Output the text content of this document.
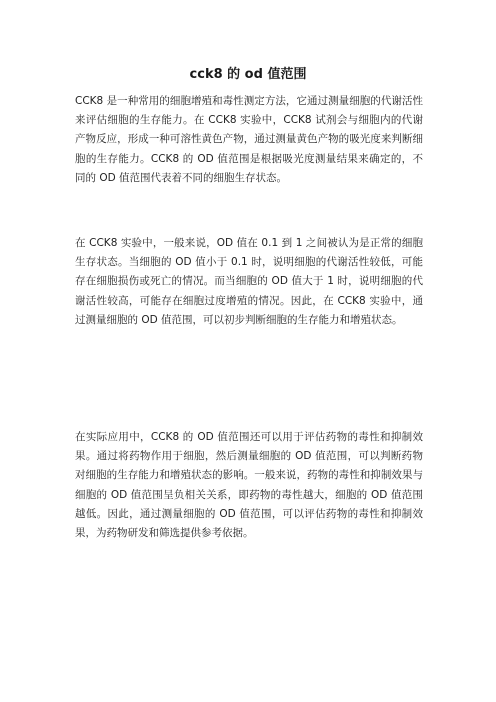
cck8 的 od 值范围

CCK8 是一种常用的细胞增殖和毒性测定方法，它通过测量细胞的代谢活性来评估细胞的生存能力。在 CCK8 实验中，CCK8 试剂会与细胞内的代谢产物反应，形成一种可溶性黄色产物，通过测量黄色产物的吸光度来判断细胞的生存能力。CCK8 的 OD 值范围是根据吸光度测量结果来确定的，不同的 OD 值范围代表着不同的细胞生存状态。

在 CCK8 实验中，一般来说，OD 值在 0.1 到 1 之间被认为是正常的细胞生存状态。当细胞的 OD 值小于 0.1 时，说明细胞的代谢活性较低，可能存在细胞损伤或死亡的情况。而当细胞的 OD 值大于 1 时，说明细胞的代谢活性较高，可能存在细胞过度增殖的情况。因此，在 CCK8 实验中，通过测量细胞的 OD 值范围，可以初步判断细胞的生存能力和增殖状态。

在实际应用中，CCK8 的 OD 值范围还可以用于评估药物的毒性和抑制效果。通过将药物作用于细胞，然后测量细胞的 OD 值范围，可以判断药物对细胞的生存能力和增殖状态的影响。一般来说，药物的毒性和抑制效果与细胞的 OD 值范围呈负相关关系，即药物的毒性越大，细胞的 OD 值范围越低。因此，通过测量细胞的 OD 值范围，可以评估药物的毒性和抑制效果，为药物研发和筛选提供参考依据。
